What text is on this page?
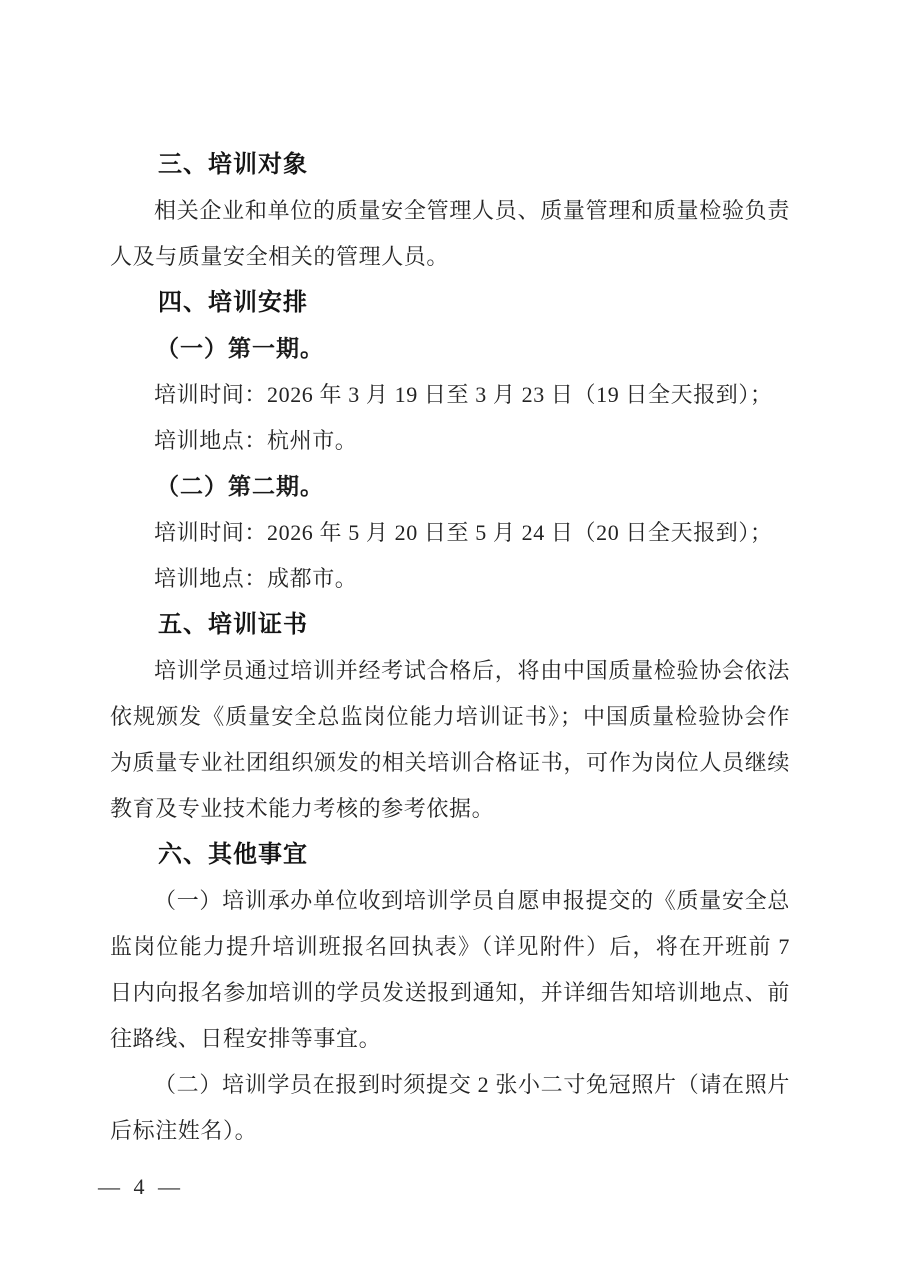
三、培训对象
相关企业和单位的质量安全管理人员、质量管理和质量检验负责人及与质量安全相关的管理人员。
四、培训安排
（一）第一期。
培训时间：2026 年 3 月 19 日至 3 月 23 日（19 日全天报到）；
培训地点：杭州市。
（二）第二期。
培训时间：2026 年 5 月 20 日至 5 月 24 日（20 日全天报到）；
培训地点：成都市。
五、培训证书
培训学员通过培训并经考试合格后，将由中国质量检验协会依法依规颁发《质量安全总监岗位能力培训证书》；中国质量检验协会作为质量专业社团组织颁发的相关培训合格证书，可作为岗位人员继续教育及专业技术能力考核的参考依据。
六、其他事宜
（一）培训承办单位收到培训学员自愿申报提交的《质量安全总监岗位能力提升培训班报名回执表》（详见附件）后，将在开班前 7 日内向报名参加培训的学员发送报到通知，并详细告知培训地点、前往路线、日程安排等事宜。
（二）培训学员在报到时须提交 2 张小二寸免冠照片（请在照片后标注姓名）。
— 4 —
